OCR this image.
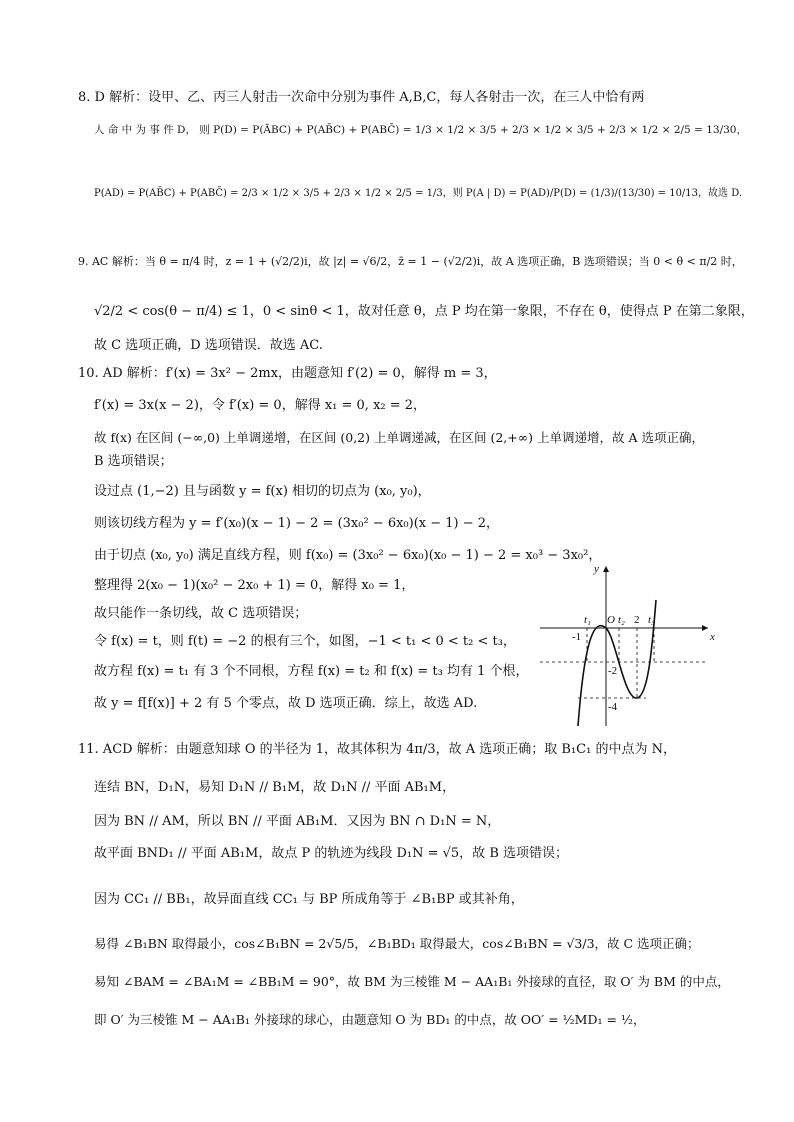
8. D 解析：设甲、乙、丙三人射击一次命中分别为事件 A,B,C，每人各射击一次，在三人中恰有两
人 命 中 为 事 件 D， 则 P(D) = P(ĀBC) + P(AB̄C) + P(ABC̄) = 1/3 × 1/2 × 3/5 + 2/3 × 1/2 × 3/5 + 2/3 × 1/2 × 2/5 = 13/30，
P(AD) = P(AB̄C) + P(ABC̄) = 2/3 × 1/2 × 3/5 + 2/3 × 1/2 × 2/5 = 1/3，则 P(A | D) = P(AD)/P(D) = (1/3)/(13/30) = 10/13，故选 D.
9. AC 解析：当 θ = π/4 时，z = 1 + (√2/2)i，故 |z| = √6/2，z̄ = 1 − (√2/2)i，故 A 选项正确，B 选项错误；当 0 < θ < π/2 时，
√2/2 < cos(θ − π/4) ≤ 1，0 < sinθ < 1，故对任意 θ，点 P 均在第一象限，不存在 θ，使得点 P 在第二象限，
故 C 选项正确，D 选项错误．故选 AC.
10. AD 解析：f′(x) = 3x² − 2mx，由题意知 f′(2) = 0，解得 m = 3，
f′(x) = 3x(x − 2)，令 f′(x) = 0，解得 x₁ = 0, x₂ = 2，
故 f(x) 在区间 (−∞,0) 上单调递增，在区间 (0,2) 上单调递减，在区间 (2,+∞) 上单调递增，故 A 选项正确，
B 选项错误；
设过点 (1,−2) 且与函数 y = f(x) 相切的切点为 (x₀, y₀)，
则该切线方程为 y = f′(x₀)(x − 1) − 2 = (3x₀² − 6x₀)(x − 1) − 2，
由于切点 (x₀, y₀) 满足直线方程，则 f(x₀) = (3x₀² − 6x₀)(x₀ − 1) − 2 = x₀³ − 3x₀²，
整理得 2(x₀ − 1)(x₀² − 2x₀ + 1) = 0，解得 x₀ = 1，
故只能作一条切线，故 C 选项错误；
令 f(x) = t，则 f(t) = −2 的根有三个，如图，−1 < t₁ < 0 < t₂ < t₃，
故方程 f(x) = t₁ 有 3 个不同根，方程 f(x) = t₂ 和 f(x) = t₃ 均有 1 个根，
故 y = f[f(x)] + 2 有 5 个零点，故 D 选项正确．综上，故选 AD.
y
x
O
t₁ t₂ 2 t₃
-1
-2
-4
11. ACD 解析：由题意知球 O 的半径为 1，故其体积为 4π/3，故 A 选项正确；取 B₁C₁ 的中点为 N，
连结 BN，D₁N，易知 D₁N // B₁M，故 D₁N // 平面 AB₁M，
因为 BN // AM，所以 BN // 平面 AB₁M．又因为 BN ∩ D₁N = N，
故平面 BND₁ // 平面 AB₁M，故点 P 的轨迹为线段 D₁N = √5，故 B 选项错误；
因为 CC₁ // BB₁，故异面直线 CC₁ 与 BP 所成角等于 ∠B₁BP 或其补角，
易得 ∠B₁BN 取得最小，cos∠B₁BN = 2√5/5，∠B₁BD₁ 取得最大，cos∠B₁BN = √3/3，故 C 选项正确；
易知 ∠BAM = ∠BA₁M = ∠BB₁M = 90°，故 BM 为三棱锥 M − AA₁B₁ 外接球的直径，取 O′ 为 BM 的中点，
即 O′ 为三棱锥 M − AA₁B₁ 外接球的球心，由题意知 O 为 BD₁ 的中点，故 OO′ = ½MD₁ = ½，
